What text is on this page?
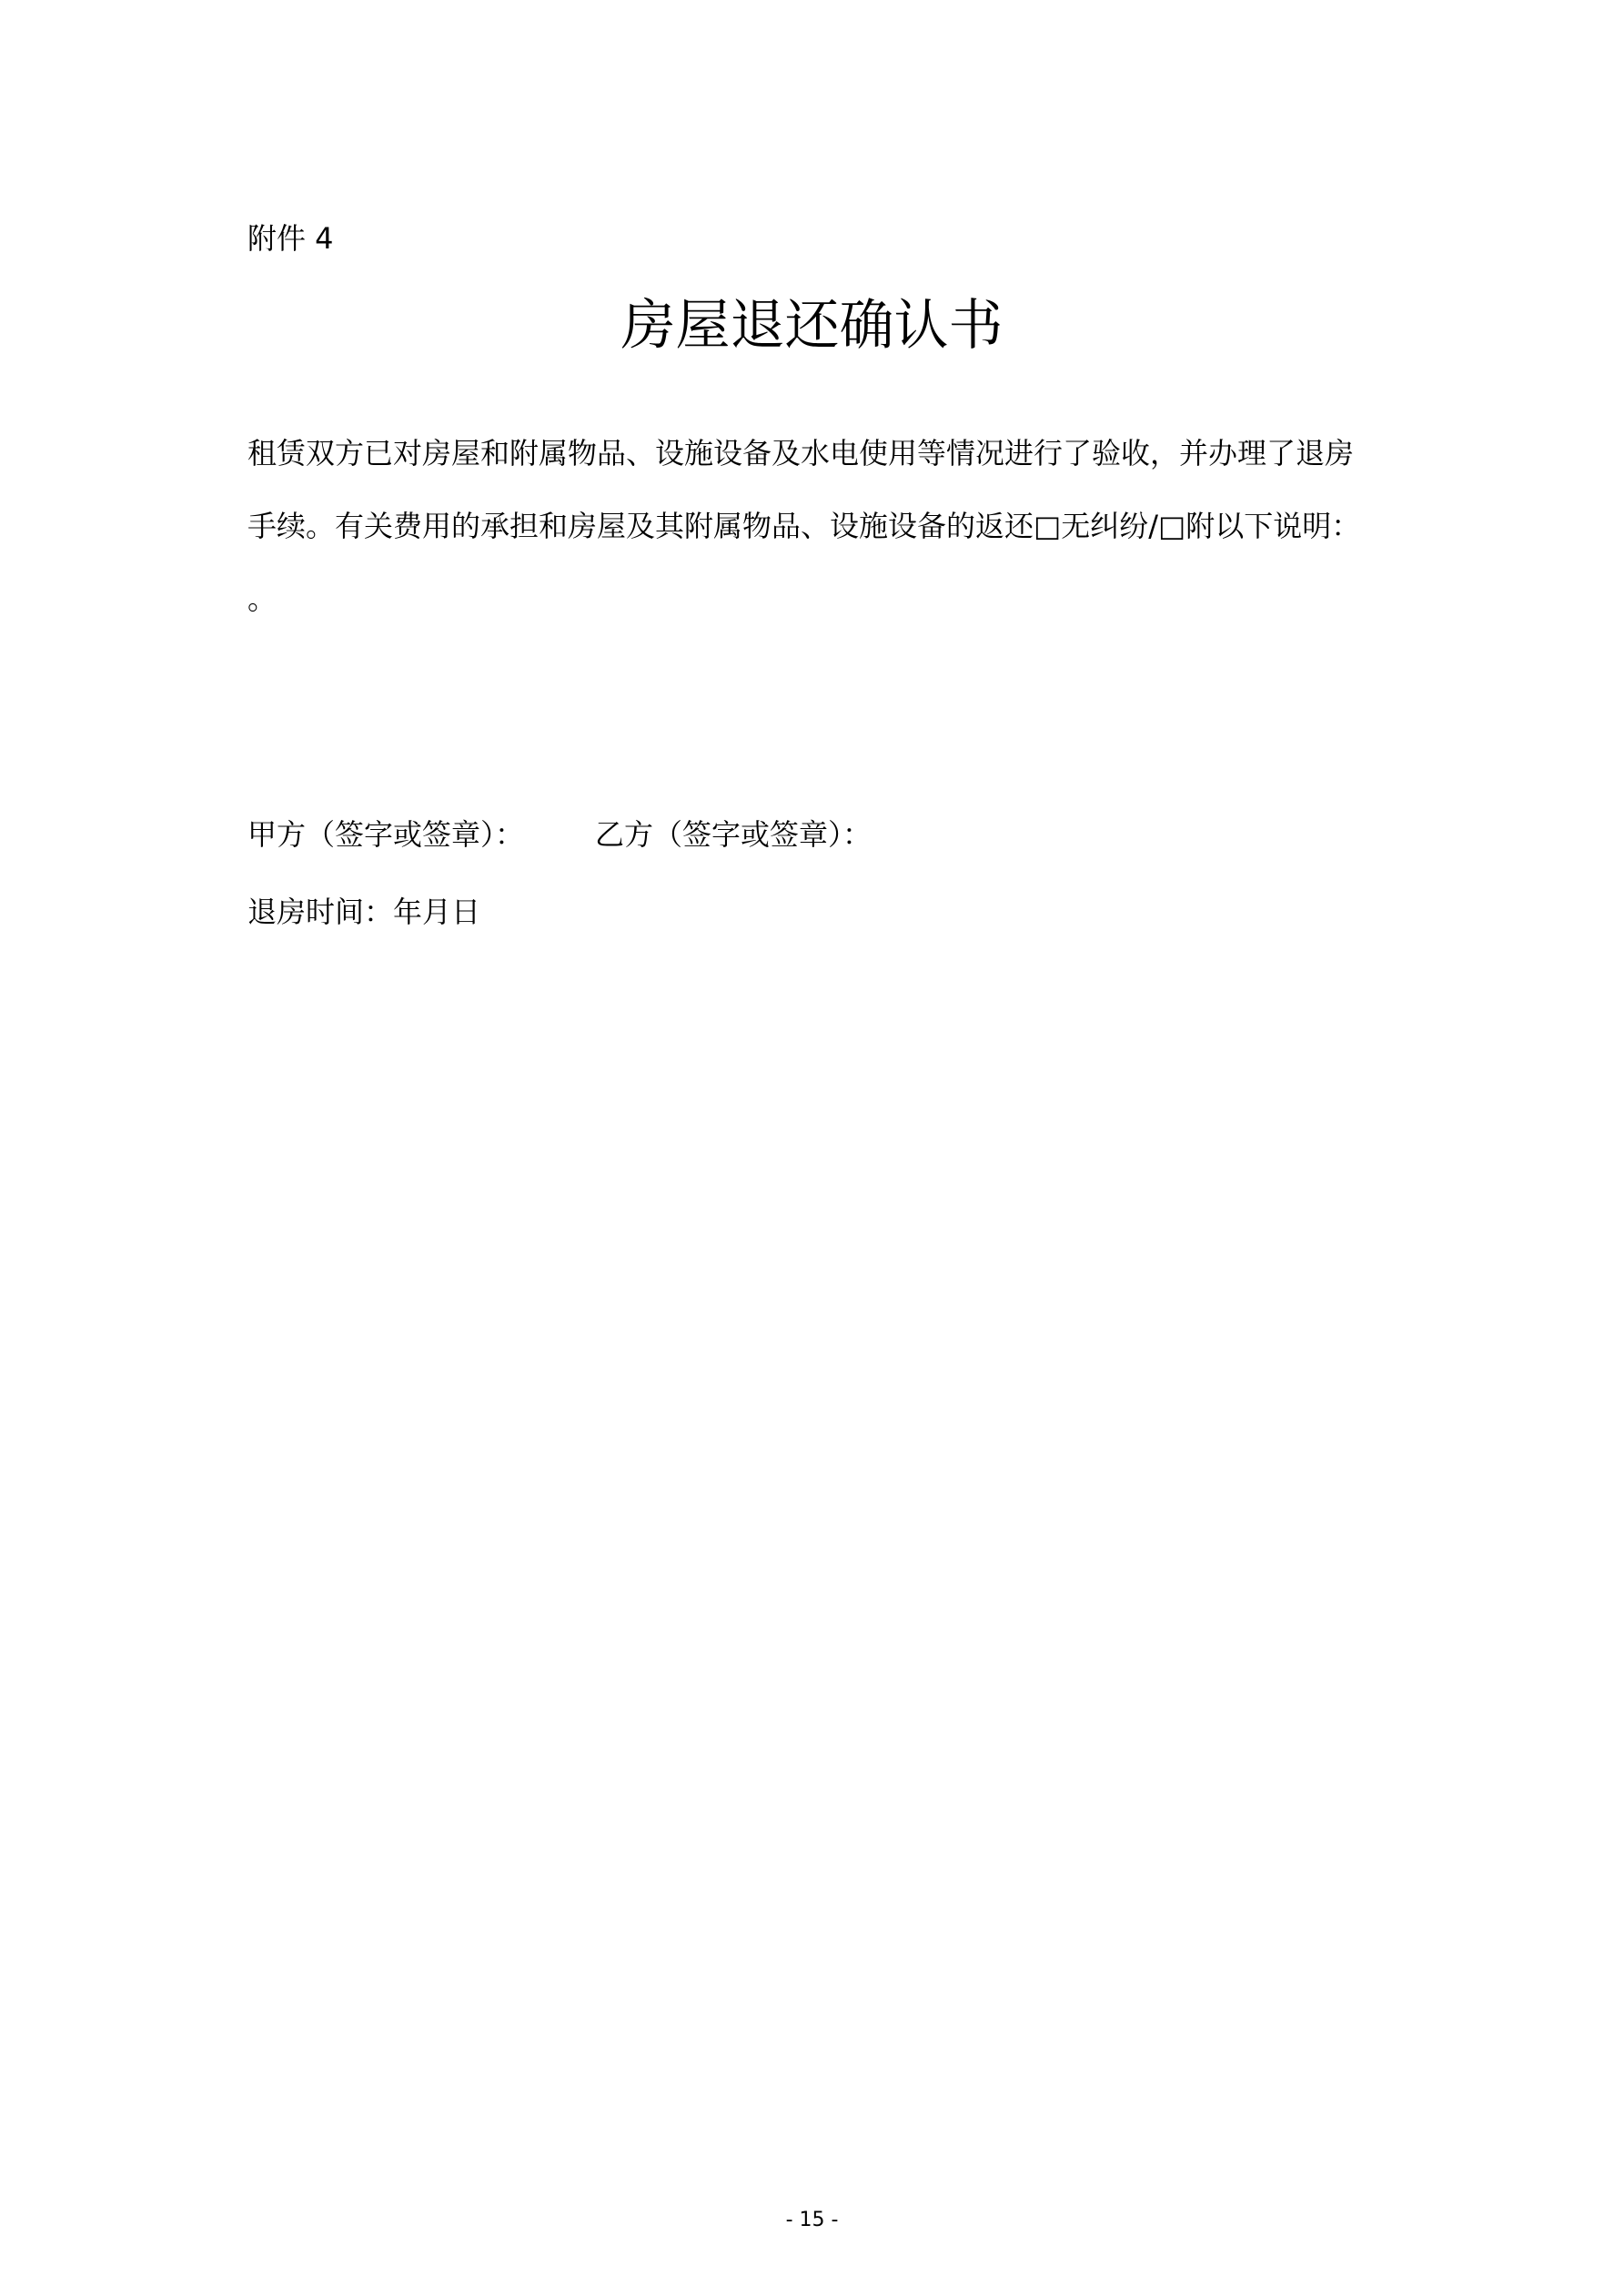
附件 4
房屋退还确认书
租赁双方已对房屋和附属物品、设施设备及水电使用等情况进行了验收，并办理了退房
手续。有关费用的承担和房屋及其附属物品、设施设备的返还□无纠纷/□附以下说明：
。
甲方（签字或签章）： 乙方（签字或签章）：
退房时间：年月日
- 15 -
